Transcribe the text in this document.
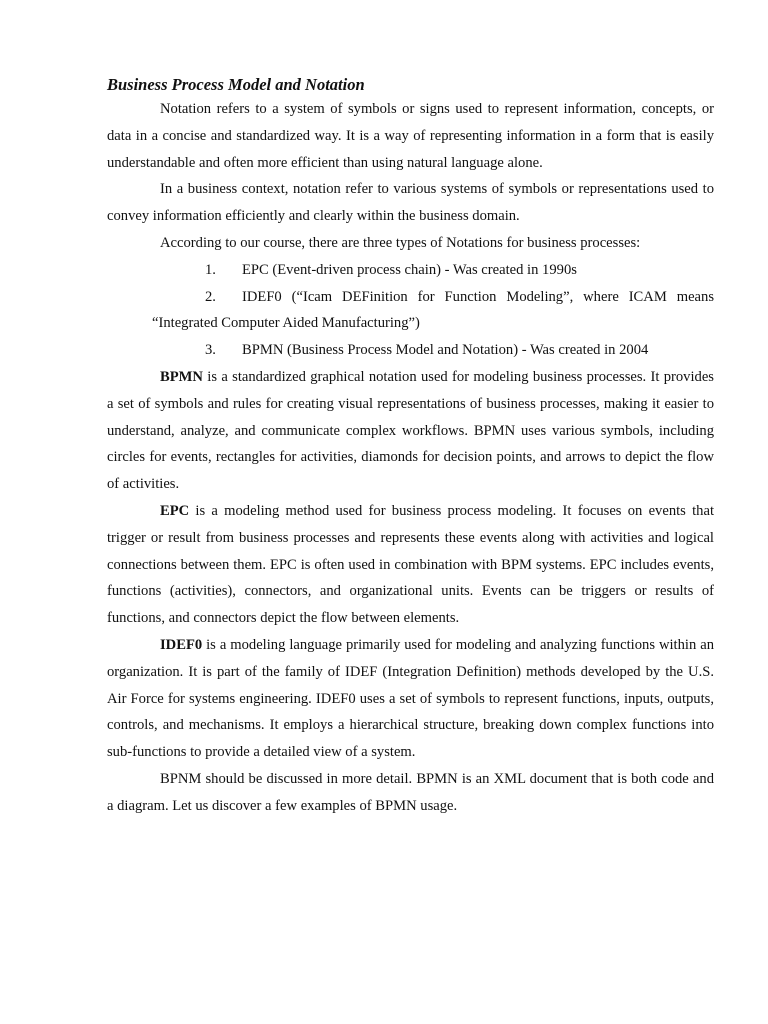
Business Process Model and Notation

Notation refers to a system of symbols or signs used to represent information, concepts, or data in a concise and standardized way. It is a way of representing information in a form that is easily understandable and often more efficient than using natural language alone.

In a business context, notation refer to various systems of symbols or representations used to convey information efficiently and clearly within the business domain.

According to our course, there are three types of Notations for business processes:

1. EPC (Event-driven process chain) - Was created in 1990s
2. IDEF0 (“Icam DEFinition for Function Modeling”, where ICAM means
“Integrated Computer Aided Manufacturing”)
3. BPMN (Business Process Model and Notation) - Was created in 2004

BPMN is a standardized graphical notation used for modeling business processes. It provides a set of symbols and rules for creating visual representations of business processes, making it easier to understand, analyze, and communicate complex workflows. BPMN uses various symbols, including circles for events, rectangles for activities, diamonds for decision points, and arrows to depict the flow of activities.

EPC is a modeling method used for business process modeling. It focuses on events that trigger or result from business processes and represents these events along with activities and logical connections between them. EPC is often used in combination with BPM systems. EPC includes events, functions (activities), connectors, and organizational units. Events can be triggers or results of functions, and connectors depict the flow between elements.

IDEF0 is a modeling language primarily used for modeling and analyzing functions within an organization. It is part of the family of IDEF (Integration Definition) methods developed by the U.S. Air Force for systems engineering. IDEF0 uses a set of symbols to represent functions, inputs, outputs, controls, and mechanisms. It employs a hierarchical structure, breaking down complex functions into sub-functions to provide a detailed view of a system.

BPNM should be discussed in more detail. BPMN is an XML document that is both code and a diagram. Let us discover a few examples of BPMN usage.
